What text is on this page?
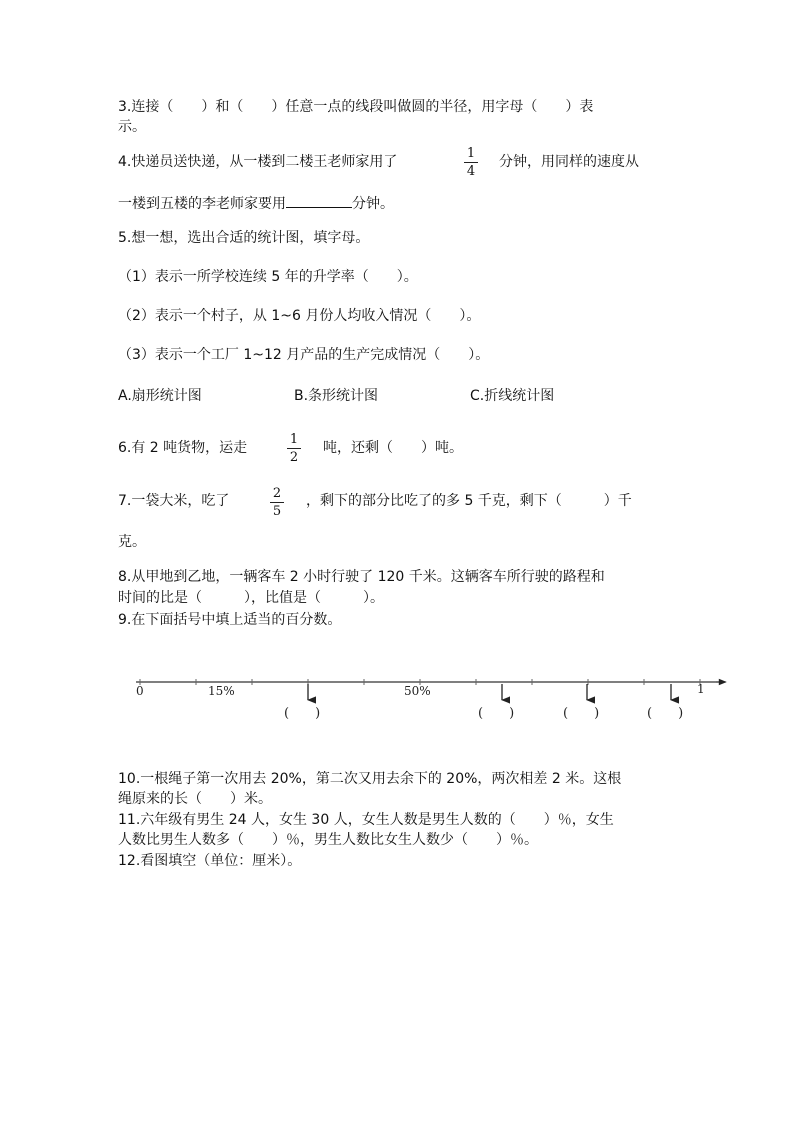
3.连接（　　）和（　　）任意一点的线段叫做圆的半径，用字母（　　）表
示。
4.快递员送快递，从一楼到二楼王老师家用了
1
4
分钟，用同样的速度从
一楼到五楼的李老师家要用	分钟。
5.想一想，选出合适的统计图，填字母。
（1）表示一所学校连续 5 年的升学率（　　）。
（2）表示一个村子，从 1~6 月份人均收入情况（　　）。
（3）表示一个工厂 1~12 月产品的生产完成情况（　　）。
A.扇形统计图	B.条形统计图	C.折线统计图
6.有 2 吨货物，运走
1
2
吨，还剩（　　）吨。
7.一袋大米，吃了	2
5
，剩下的部分比吃了的多 5 千克，剩下（　　　）千
克。
8.从甲地到乙地，一辆客车 2 小时行驶了 120 千米。这辆客车所行驶的路程和
时间的比是（　　　），比值是（　　　）。
9.在下面括号中填上适当的百分数。
0	15%	50%	1
(　　)	(　　)	(　　)	(　　)
10.一根绳子第一次用去 20%，第二次又用去余下的 20%，两次相差 2 米。这根
绳原来的长（　　）米。
11.六年级有男生 24 人，女生 30 人，女生人数是男生人数的（　　）％，女生
人数比男生人数多（　　）％，男生人数比女生人数少（　　）％。
12.看图填空（单位：厘米）。
